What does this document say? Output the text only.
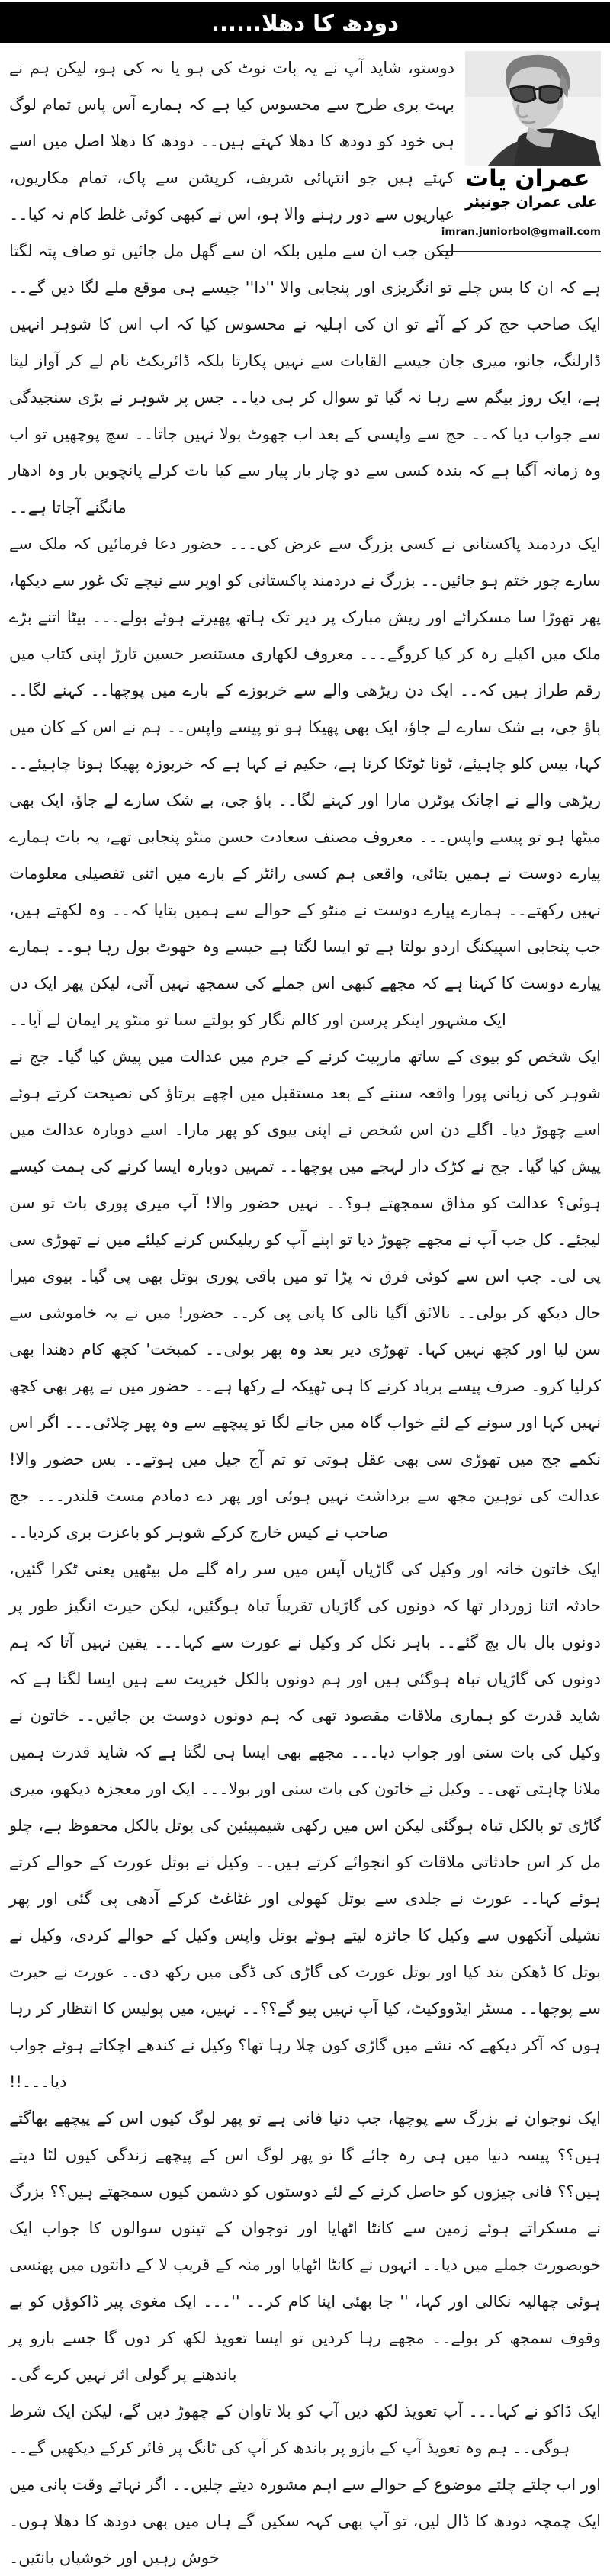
دودھ کا دھلا......
عمران یات
علی عمران جونیئر
imran.juniorbol@gmail.com

دوستو، شاید آپ نے یہ بات نوٹ کی ہو یا نہ کی ہو، لیکن ہم نے بہت بری طرح سے محسوس کیا ہے کہ ہمارے آس پاس تمام لوگ ہی خود کو دودھ کا دھلا کہتے ہیں۔۔ دودھ کا دھلا اصل میں اسے کہتے ہیں جو انتہائی شریف، کرپشن سے پاک، تمام مکاریوں، عیاریوں سے دور رہنے والا ہو، اس نے کبھی کوئی غلط کام نہ کیا۔۔ لیکن جب ان سے ملیں بلکہ ان سے گھل مل جائیں تو صاف پتہ لگتا ہے کہ ان کا بس چلے تو انگریزی اور پنجابی والا ''دا'' جیسے ہی موقع ملے لگا دیں گے۔۔ ایک صاحب حج کر کے آئے تو ان کی اہلیہ نے محسوس کیا کہ اب اس کا شوہر انہیں ڈارلنگ، جانو، میری جان جیسے القابات سے نہیں پکارتا بلکہ ڈائریکٹ نام لے کر آواز لیتا ہے، ایک روز بیگم سے رہا نہ گیا تو سوال کر ہی دیا۔۔ جس پر شوہر نے بڑی سنجیدگی سے جواب دیا کہ۔۔ حج سے واپسی کے بعد اب جھوٹ بولا نہیں جاتا۔۔ سچ پوچھیں تو اب وہ زمانہ آگیا ہے کہ بندہ کسی سے دو چار بار پیار سے کیا بات کرلے پانچویں بار وہ ادھار مانگنے آجاتا ہے۔۔

ایک دردمند پاکستانی نے کسی بزرگ سے عرض کی۔۔۔ حضور دعا فرمائیں کہ ملک سے سارے چور ختم ہو جائیں۔۔ بزرگ نے دردمند پاکستانی کو اوپر سے نیچے تک غور سے دیکھا، پھر تھوڑا سا مسکرائے اور ریش مبارک پر دیر تک ہاتھ پھیرتے ہوئے بولے۔۔۔ بیٹا اتنے بڑے ملک میں اکیلے رہ کر کیا کروگے۔۔۔ معروف لکھاری مستنصر حسین تارڑ اپنی کتاب میں رقم طراز ہیں کہ۔۔ ایک دن ریڑھی والے سے خربوزے کے بارے میں پوچھا۔۔ کہنے لگا۔۔ باؤ جی، بے شک سارے لے جاؤ، ایک بھی پھیکا ہو تو پیسے واپس۔۔ ہم نے اس کے کان میں کہا، بیس کلو چاہیئے، ٹونا ٹوٹکا کرنا ہے، حکیم نے کہا ہے کہ خربوزہ پھیکا ہونا چاہیئے۔۔ ریڑھی والے نے اچانک یوٹرن مارا اور کہنے لگا۔۔ باؤ جی، بے شک سارے لے جاؤ، ایک بھی میٹھا ہو تو پیسے واپس۔۔۔ معروف مصنف سعادت حسن منٹو پنجابی تھے، یہ بات ہمارے پیارے دوست نے ہمیں بتائی، واقعی ہم کسی رائٹر کے بارے میں اتنی تفصیلی معلومات نہیں رکھتے۔۔ ہمارے پیارے دوست نے منٹو کے حوالے سے ہمیں بتایا کہ۔۔ وہ لکھتے ہیں، جب پنجابی اسپیکنگ اردو بولتا ہے تو ایسا لگتا ہے جیسے وہ جھوٹ بول رہا ہو۔۔ ہمارے پیارے دوست کا کہنا ہے کہ مجھے کبھی اس جملے کی سمجھ نہیں آئی، لیکن پھر ایک دن ایک مشہور اینکر پرسن اور کالم نگار کو بولتے سنا تو منٹو پر ایمان لے آیا۔۔

ایک شخص کو بیوی کے ساتھ مارپیٹ کرنے کے جرم میں عدالت میں پیش کیا گیا۔ جج نے شوہر کی زبانی پورا واقعہ سننے کے بعد مستقبل میں اچھے برتاؤ کی نصیحت کرتے ہوئے اسے چھوڑ دیا۔ اگلے دن اس شخص نے اپنی بیوی کو پھر مارا۔ اسے دوبارہ عدالت میں پیش کیا گیا۔ جج نے کڑک دار لہجے میں پوچھا۔۔ تمہیں دوبارہ ایسا کرنے کی ہمت کیسے ہوئی؟ عدالت کو مذاق سمجھتے ہو؟۔۔ نہیں حضور والا! آپ میری پوری بات تو سن لیجئے۔ کل جب آپ نے مجھے چھوڑ دیا تو اپنے آپ کو ریلیکس کرنے کیلئے میں نے تھوڑی سی پی لی۔ جب اس سے کوئی فرق نہ پڑا تو میں باقی پوری بوتل بھی پی گیا۔ بیوی میرا حال دیکھ کر بولی۔۔ نالائق آگیا نالی کا پانی پی کر۔۔ حضور! میں نے یہ خاموشی سے سن لیا اور کچھ نہیں کہا۔ تھوڑی دیر بعد وہ پھر بولی۔۔ کمبخت' کچھ کام دھندا بھی کرلیا کرو۔ صرف پیسے برباد کرنے کا ہی ٹھیکہ لے رکھا ہے۔۔ حضور میں نے پھر بھی کچھ نہیں کہا اور سونے کے لئے خواب گاہ میں جانے لگا تو پیچھے سے وہ پھر چلائی۔۔۔ اگر اس نکمے جج میں تھوڑی سی بھی عقل ہوتی تو تم آج جیل میں ہوتے۔۔ بس حضور والا! عدالت کی توہین مجھ سے برداشت نہیں ہوئی اور پھر دے دمادم مست قلندر۔۔۔ جج صاحب نے کیس خارج کرکے شوہر کو باعزت بری کردیا۔۔

ایک خاتون خانہ اور وکیل کی گاڑیاں آپس میں سر راہ گلے مل بیٹھیں یعنی ٹکرا گئیں، حادثہ اتنا زوردار تھا کہ دونوں کی گاڑیاں تقریباً تباہ ہوگئیں، لیکن حیرت انگیز طور پر دونوں بال بال بچ گئے۔۔ باہر نکل کر وکیل نے عورت سے کہا۔۔۔ یقین نہیں آتا کہ ہم دونوں کی گاڑیاں تباہ ہوگئی ہیں اور ہم دونوں بالکل خیریت سے ہیں ایسا لگتا ہے کہ شاید قدرت کو ہماری ملاقات مقصود تھی کہ ہم دونوں دوست بن جائیں۔۔ خاتون نے وکیل کی بات سنی اور جواب دیا۔۔۔ مجھے بھی ایسا ہی لگتا ہے کہ شاید قدرت ہمیں ملانا چاہتی تھی۔۔ وکیل نے خاتون کی بات سنی اور بولا۔۔۔ ایک اور معجزہ دیکھو، میری گاڑی تو بالکل تباہ ہوگئی لیکن اس میں رکھی شیمپیئین کی بوتل بالکل محفوظ ہے، چلو مل کر اس حادثاتی ملاقات کو انجوائے کرتے ہیں۔۔ وکیل نے بوتل عورت کے حوالے کرتے ہوئے کہا۔۔ عورت نے جلدی سے بوتل کھولی اور غٹاغٹ کرکے آدھی پی گئی اور پھر نشیلی آنکھوں سے وکیل کا جائزہ لیتے ہوئے بوتل واپس وکیل کے حوالے کردی، وکیل نے بوتل کا ڈھکن بند کیا اور بوتل عورت کی گاڑی کی ڈگی میں رکھ دی۔۔ عورت نے حیرت سے پوچھا۔۔ مسٹر ایڈووکیٹ، کیا آپ نہیں پیو گے؟؟۔۔ نہیں، میں پولیس کا انتظار کر رہا ہوں کہ آکر دیکھے کہ نشے میں گاڑی کون چلا رہا تھا؟ وکیل نے کندھے اچکاتے ہوئے جواب دیا۔۔۔!!

ایک نوجوان نے بزرگ سے پوچھا، جب دنیا فانی ہے تو پھر لوگ کیوں اس کے پیچھے بھاگتے ہیں؟؟ پیسہ دنیا میں ہی رہ جائے گا تو پھر لوگ اس کے پیچھے زندگی کیوں لٹا دیتے ہیں؟؟ فانی چیزوں کو حاصل کرنے کے لئے دوستوں کو دشمن کیوں سمجھتے ہیں؟؟ بزرگ نے مسکراتے ہوئے زمین سے کانٹا اٹھایا اور نوجوان کے تینوں سوالوں کا جواب ایک خوبصورت جملے میں دیا۔۔ انہوں نے کانٹا اٹھایا اور منہ کے قریب لا کے دانتوں میں پھنسی ہوئی چھالیہ نکالی اور کہا، '' جا بھئی اپنا کام کر۔۔ ''۔۔۔ ایک مغوی پیر ڈاکوؤں کو بے وقوف سمجھ کر بولے۔۔ مجھے رہا کردیں تو ایسا تعویذ لکھ کر دوں گا جسے بازو پر باندھنے پر گولی اثر نہیں کرے گی۔

ایک ڈاکو نے کہا۔۔۔ آپ تعویذ لکھ دیں آپ کو بلا تاوان کے چھوڑ دیں گے، لیکن ایک شرط ہوگی۔۔ ہم وہ تعویذ آپ کے بازو پر باندھ کر آپ کی ٹانگ پر فائر کرکے دیکھیں گے۔۔

اور اب چلتے چلتے موضوع کے حوالے سے اہم مشورہ دیتے چلیں۔۔ اگر نہاتے وقت پانی میں ایک چمچہ دودھ کا ڈال لیں، تو آپ بھی کہہ سکیں گے ہاں میں بھی دودھ کا دھلا ہوں۔ خوش رہیں اور خوشیاں بانٹیں۔
